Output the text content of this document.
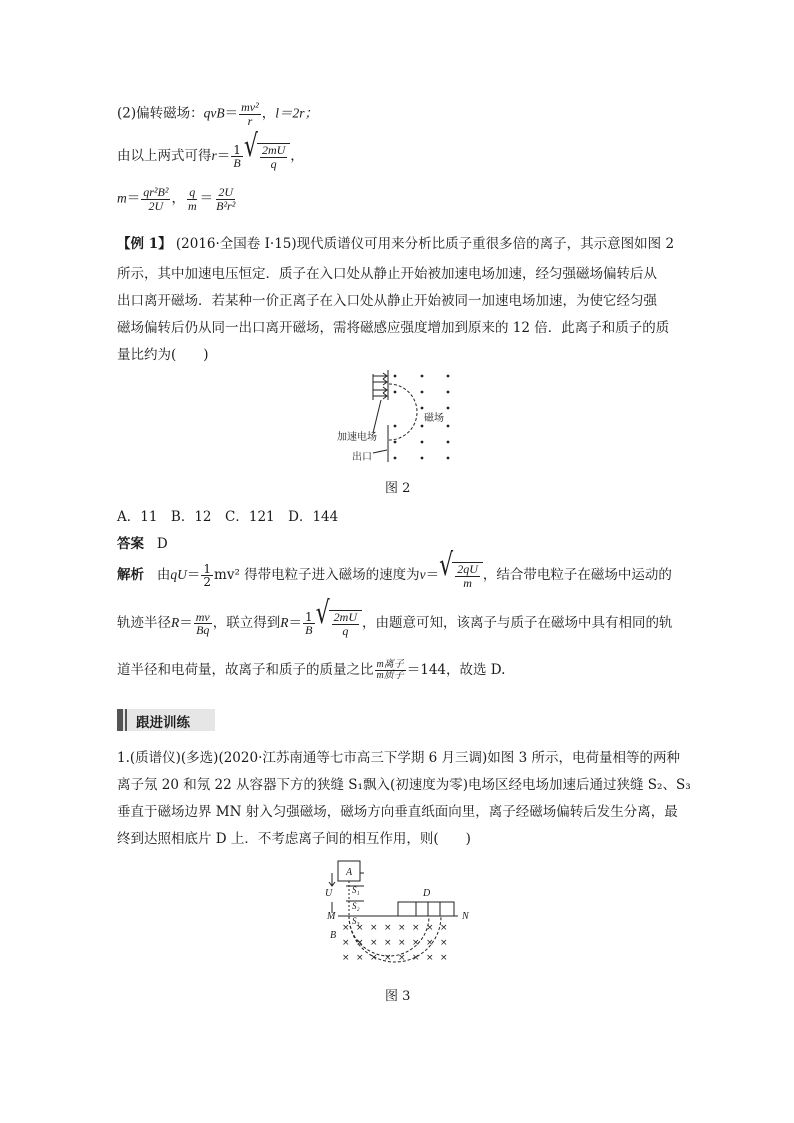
(2)偏转磁场：$qvB= \frac{\text{mv²}}{r}$ ，l＝2r；
由以上两式可得$r= \frac{1}{B}$ √ $\frac{2mU}{q}$ ，
$m= \frac{\text{qr²B²}}{2U}$ ， $\frac{q}{m} = \frac{2U}{\text{B²r²}}$
【例 1】 (2016·全国卷 Ⅰ·15)现代质谱仪可用来分析比质子重很多倍的离子，其示意图如图 2
所示，其中加速电压恒定．质子在入口处从静止开始被加速电场加速，经匀强磁场偏转后从
出口离开磁场．若某种一价正离子在入口处从静止开始被同一加速电场加速，为使它经匀强
磁场偏转后仍从同一出口离开磁场，需将磁感应强度增加到原来的 12 倍．此离子和质子的质
量比约为(　　)
加速电场
出口
磁场
图 2
A．11　B．12　C．121　D．144
答案 D
解析 由$qU= \frac{1}{2} mv^2$ 得带电粒子进入磁场的速度为v＝ √ $\frac{2qU}{m}$ ，结合带电粒子在磁场中运动的
轨迹半径$R= \frac{mv}{Bq}$ ，联立得到$R= \frac{1}{B}$ √ $\frac{2mU}{q}$ ，由题意可知，该离子与质子在磁场中具有相同的轨
道半径和电荷量，故离子和质子的质量之比 $\frac{\text{m离子}}{\text{m质子}} =144$，故选 D.
跟进训练
1.(质谱仪)(多选)(2020·江苏南通等七市高三下学期 6 月三调)如图 3 所示，电荷量相等的两种
离子氖 20 和氖 22 从容器下方的狭缝 S₁飘入(初速度为零)电场区经电场加速后通过狭缝 S₂、S₃
垂直于磁场边界 MN 射入匀强磁场，磁场方向垂直纸面向里，离子经磁场偏转后发生分离，最
终到达照相底片 D 上．不考虑离子间的相互作用，则(　　)
× × × × × × × ×
× × × × × × × ×
× × × × × × × ×
A
S₁
S₂
S₃
U
M	N
B
D
图 3
